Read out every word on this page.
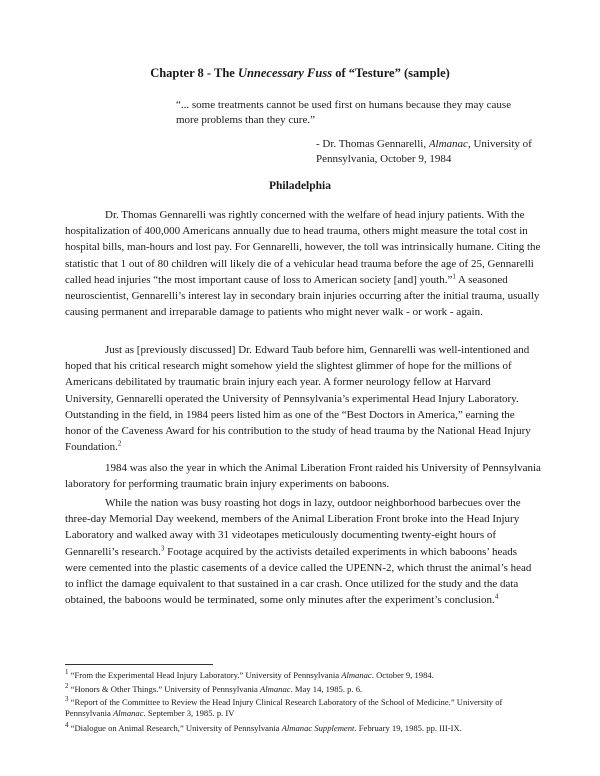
Chapter 8 - The Unnecessary Fuss of “Testure” (sample)
“... some treatments cannot be used first on humans because they may cause more problems than they cure.”
- Dr. Thomas Gennarelli, Almanac, University of Pennsylvania, October 9, 1984
Philadelphia

Dr. Thomas Gennarelli was rightly concerned with the welfare of head injury patients. With the hospitalization of 400,000 Americans annually due to head trauma, others might measure the total cost in hospital bills, man-hours and lost pay. For Gennarelli, however, the toll was intrinsically humane. Citing the statistic that 1 out of 80 children will likely die of a vehicular head trauma before the age of 25, Gennarelli called head injuries “the most important cause of loss to American society [and] youth.”$^1$ A seasoned neuroscientist, Gennarelli’s interest lay in secondary brain injuries occurring after the initial trauma, usually causing permanent and irreparable damage to patients who might never walk - or work - again.

Just as [previously discussed] Dr. Edward Taub before him, Gennarelli was well-intentioned and hoped that his critical research might somehow yield the slightest glimmer of hope for the millions of Americans debilitated by traumatic brain injury each year. A former neurology fellow at Harvard University, Gennarelli operated the University of Pennsylvania’s experimental Head Injury Laboratory. Outstanding in the field, in 1984 peers listed him as one of the “Best Doctors in America,” earning the honor of the Caveness Award for his contribution to the study of head trauma by the National Head Injury Foundation.$^2$

1984 was also the year in which the Animal Liberation Front raided his University of Pennsylvania laboratory for performing traumatic brain injury experiments on baboons.

While the nation was busy roasting hot dogs in lazy, outdoor neighborhood barbecues over the three-day Memorial Day weekend, members of the Animal Liberation Front broke into the Head Injury Laboratory and walked away with 31 videotapes meticulously documenting twenty-eight hours of Gennarelli’s research.$^3$ Footage acquired by the activists detailed experiments in which baboons’ heads were cemented into the plastic casements of a device called the UPENN-2, which thrust the animal’s head to inflict the damage equivalent to that sustained in a car crash. Once utilized for the study and the data obtained, the baboons would be terminated, some only minutes after the experiment’s conclusion.$^4$

$^1$ “From the Experimental Head Injury Laboratory.” University of Pennsylvania Almanac. October 9, 1984.
$^2$ “Honors & Other Things.” University of Pennsylvania Almanac. May 14, 1985. p. 6.
$^3$ “Report of the Committee to Review the Head Injury Clinical Research Laboratory of the School of Medicine.” University of Pennsylvania Almanac. September 3, 1985. p. IV
$^4$ “Dialogue on Animal Research,” University of Pennsylvania Almanac Supplement. February 19, 1985. pp. III-IX.
